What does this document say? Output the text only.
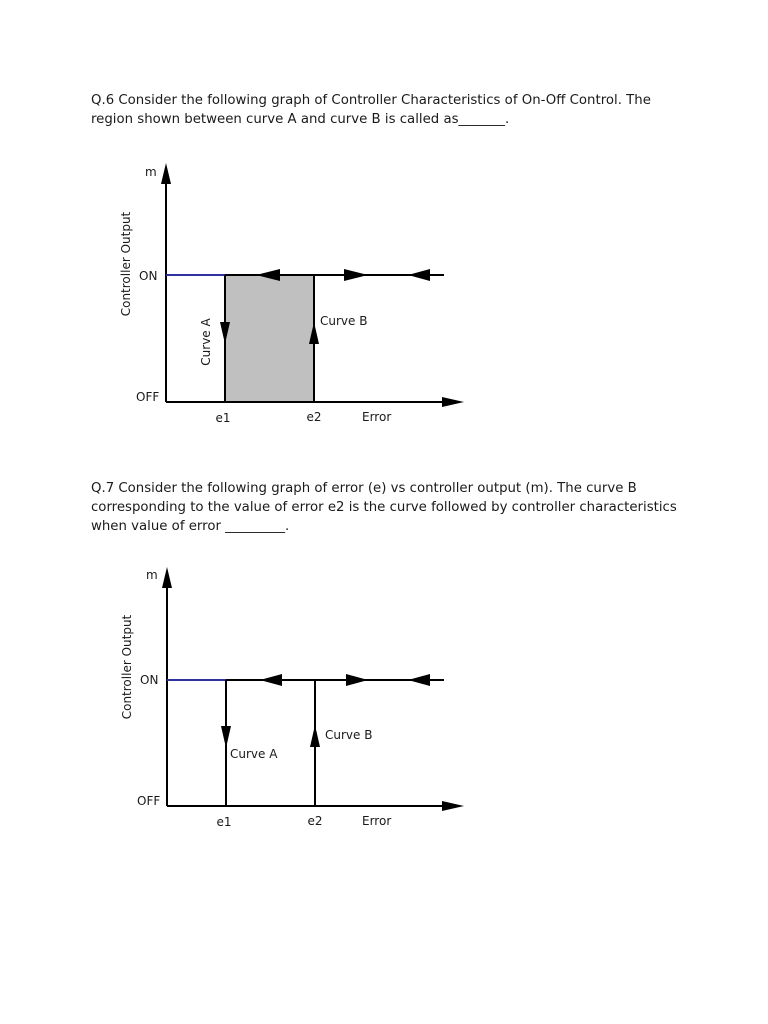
Q.6 Consider the following graph of Controller Characteristics of On-Off Control. The region shown between curve A and curve B is called as_______.

m
Controller Output ON
OFF
e1	e2	Error
Curve A	Curve B

Q.7 Consider the following graph of error (e) vs controller output (m). The curve B corresponding to the value of error e2 is the curve followed by controller characteristics when value of error _________.

m
Controller Output ON
OFF
e1	e2	Error
Curve A
Curve B
